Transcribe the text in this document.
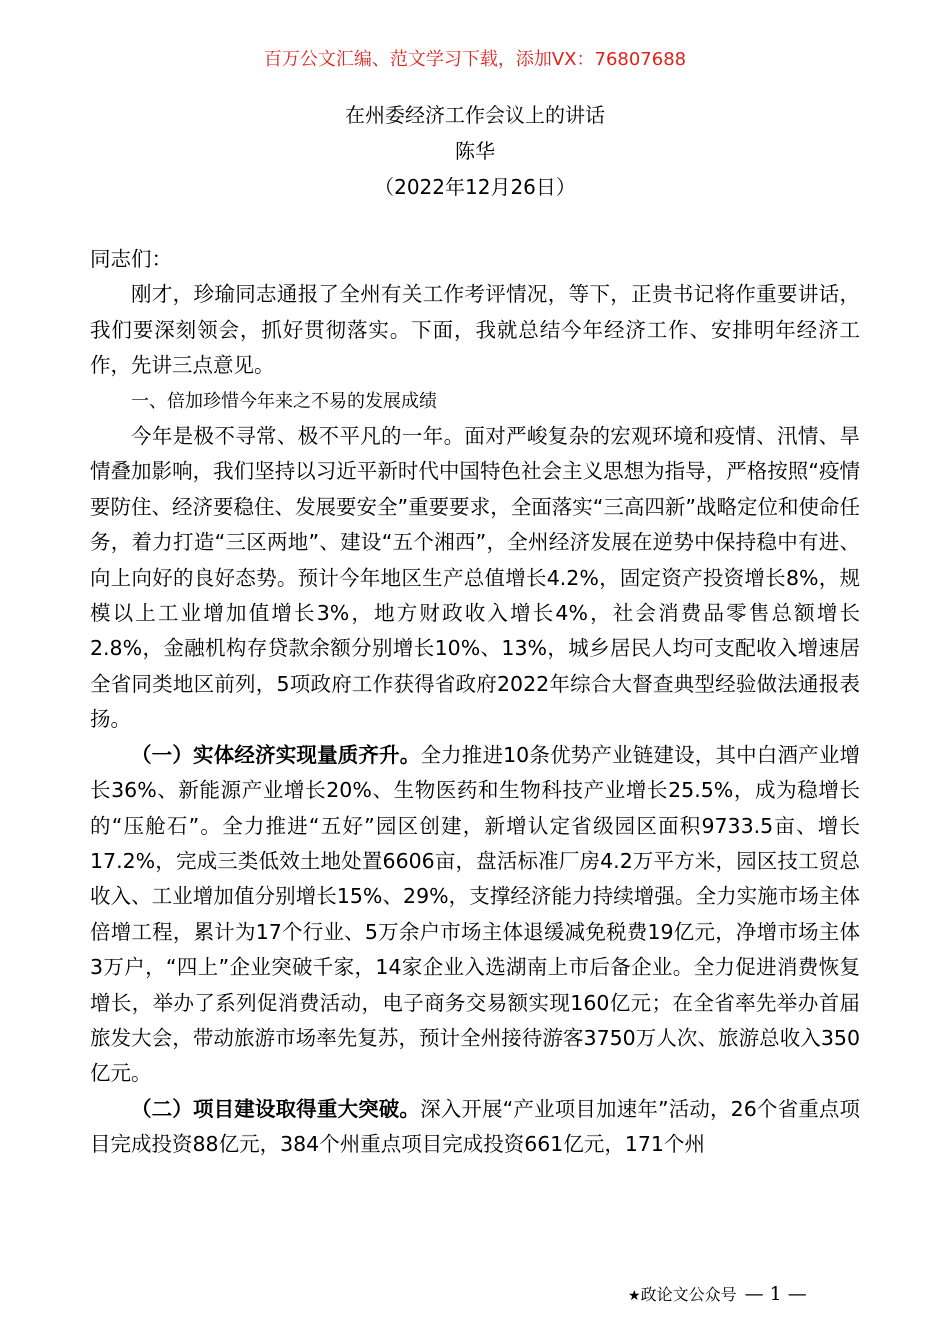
百万公文汇编、范文学习下载，添加VX：76807688
在州委经济工作会议上的讲话
陈华
（2022年12月26日）

同志们：

刚才，珍瑜同志通报了全州有关工作考评情况，等下，正贵书记将作重要讲话，我们要深刻领会，抓好贯彻落实。下面，我就总结今年经济工作、安排明年经济工作，先讲三点意见。

一、倍加珍惜今年来之不易的发展成绩

今年是极不寻常、极不平凡的一年。面对严峻复杂的宏观环境和疫情、汛情、旱情叠加影响，我们坚持以习近平新时代中国特色社会主义思想为指导，严格按照“疫情要防住、经济要稳住、发展要安全”重要要求，全面落实“三高四新”战略定位和使命任务，着力打造“三区两地”、建设“五个湘西”，全州经济发展在逆势中保持稳中有进、向上向好的良好态势。预计今年地区生产总值增长4.2%，固定资产投资增长8%，规模以上工业增加值增长3%，地方财政收入增长4%，社会消费品零售总额增长2.8%，金融机构存贷款余额分别增长10%、13%，城乡居民人均可支配收入增速居全省同类地区前列，5项政府工作获得省政府2022年综合大督查典型经验做法通报表扬。

（一）实体经济实现量质齐升。全力推进10条优势产业链建设，其中白酒产业增长36%、新能源产业增长20%、生物医药和生物科技产业增长25.5%，成为稳增长的“压舱石”。全力推进“五好”园区创建，新增认定省级园区面积9733.5亩、增长17.2%，完成三类低效土地处置6606亩，盘活标准厂房4.2万平方米，园区技工贸总收入、工业增加值分别增长15%、29%，支撑经济能力持续增强。全力实施市场主体倍增工程，累计为17个行业、5万余户市场主体退缓减免税费19亿元，净增市场主体3万户，“四上”企业突破千家，14家企业入选湖南上市后备企业。全力促进消费恢复增长，举办了系列促消费活动，电子商务交易额实现160亿元；在全省率先举办首届旅发大会，带动旅游市场率先复苏，预计全州接待游客3750万人次、旅游总收入350亿元。

（二）项目建设取得重大突破。深入开展“产业项目加速年”活动，26个省重点项目完成投资88亿元，384个州重点项目完成投资661亿元，171个州

★政论文公众号 — 1 —
